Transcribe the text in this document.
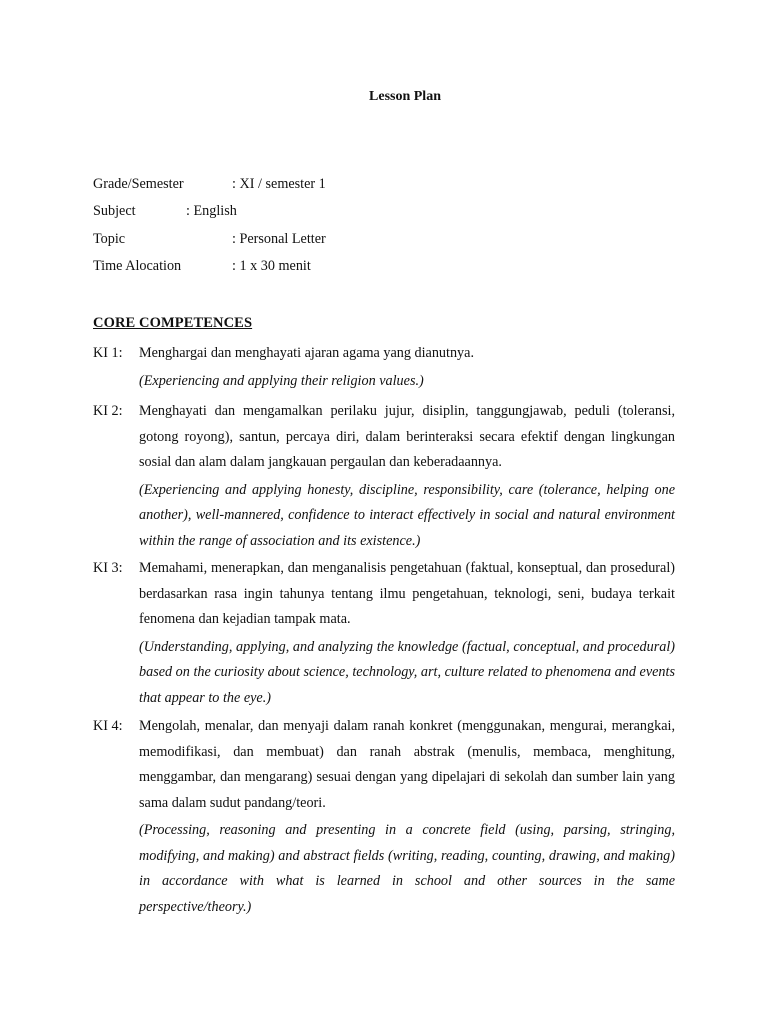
Lesson Plan
Grade/Semester	: XI / semester 1
Subject	: English
Topic	: Personal Letter
Time Alocation	: 1 x 30 menit
CORE COMPETENCES
KI 1: Menghargai dan menghayati ajaran agama yang dianutnya.

(Experiencing and applying their religion values.)

KI 2: Menghayati dan mengamalkan perilaku jujur, disiplin, tanggungjawab, peduli (toleransi, gotong royong), santun, percaya diri, dalam berinteraksi secara efektif dengan lingkungan sosial dan alam dalam jangkauan pergaulan dan keberadaannya.

(Experiencing and applying honesty, discipline, responsibility, care (tolerance, helping one another), well-mannered, confidence to interact effectively in social and natural environment within the range of association and its existence.)

KI 3: Memahami, menerapkan, dan menganalisis pengetahuan (faktual, konseptual, dan prosedural) berdasarkan rasa ingin tahunya tentang ilmu pengetahuan, teknologi, seni, budaya terkait fenomena dan kejadian tampak mata.

(Understanding, applying, and analyzing the knowledge (factual, conceptual, and procedural) based on the curiosity about science, technology, art, culture related to phenomena and events that appear to the eye.)

KI 4: Mengolah, menalar, dan menyaji dalam ranah konkret (menggunakan, mengurai, merangkai, memodifikasi, dan membuat) dan ranah abstrak (menulis, membaca, menghitung, menggambar, dan mengarang) sesuai dengan yang dipelajari di sekolah dan sumber lain yang sama dalam sudut pandang/teori.

(Processing, reasoning and presenting in a concrete field (using, parsing, stringing, modifying, and making) and abstract fields (writing, reading, counting, drawing, and making) in accordance with what is learned in school and other sources in the same perspective/theory.)
